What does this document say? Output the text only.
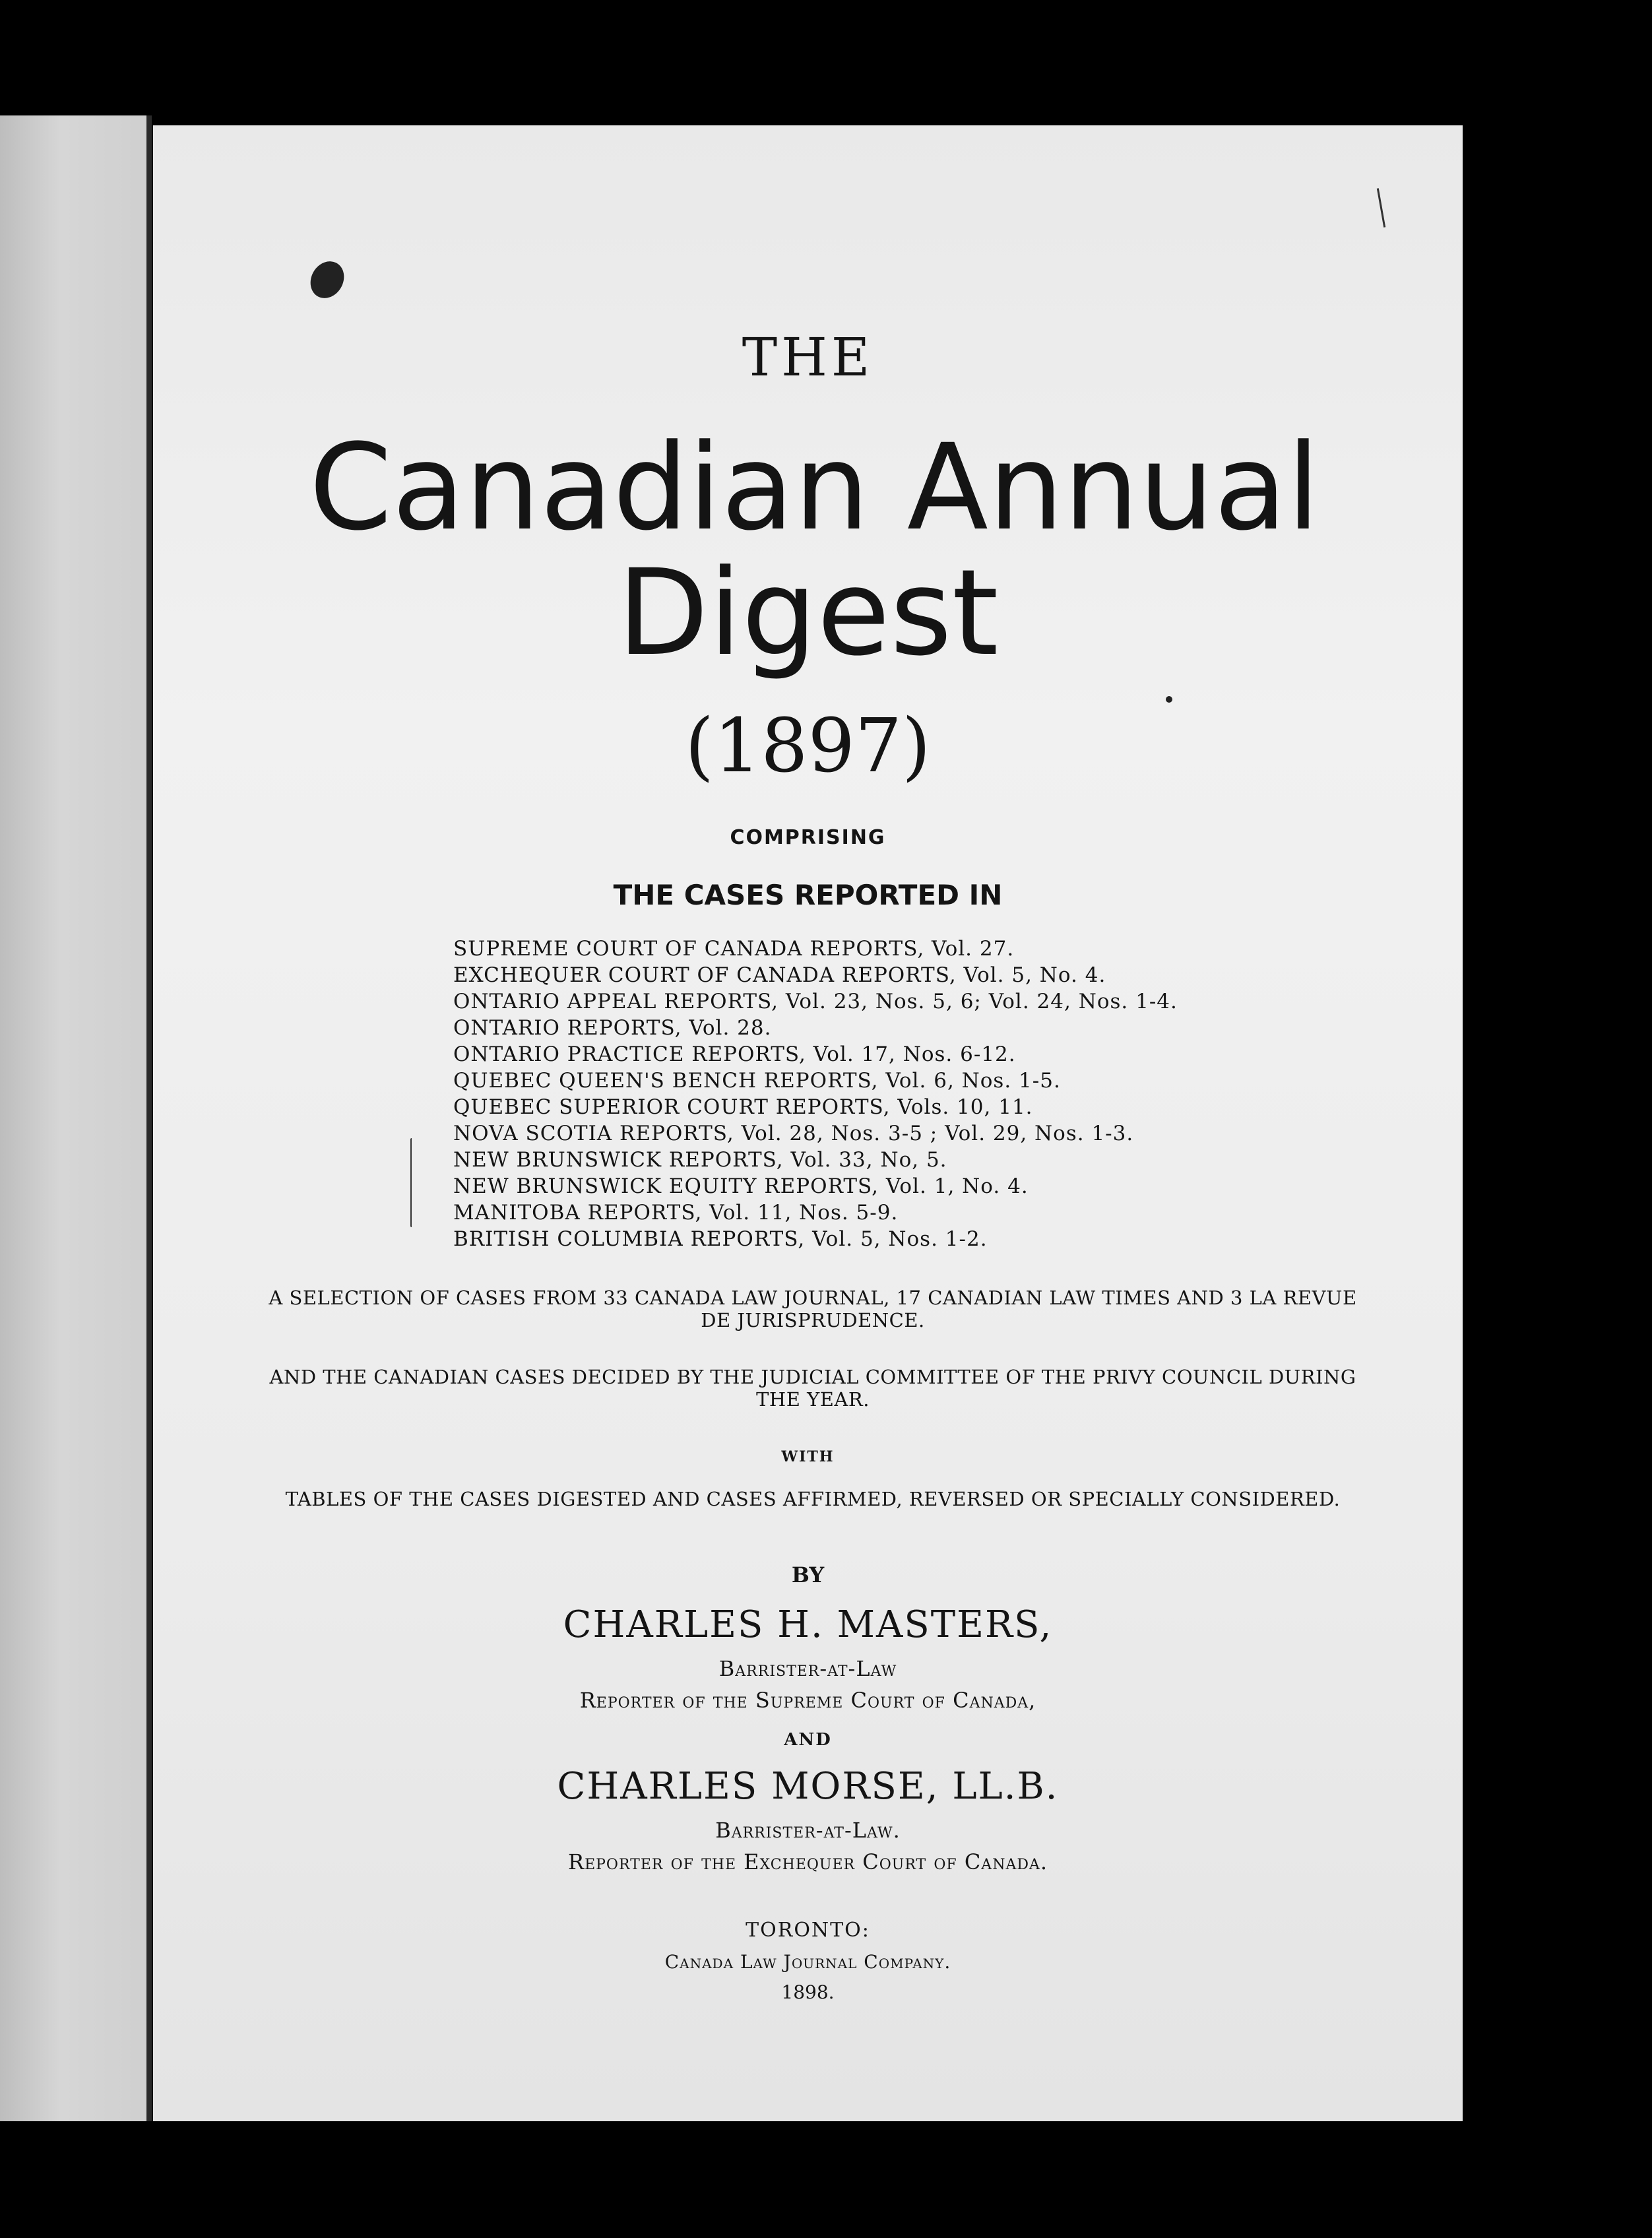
THE
Canadian Annual
Digest
(1897)
COMPRISING
THE CASES REPORTED IN
SUPREME COURT OF CANADA REPORTS, Vol. 27.
EXCHEQUER COURT OF CANADA REPORTS, Vol. 5, No. 4.
ONTARIO APPEAL REPORTS, Vol. 23, Nos. 5, 6; Vol. 24, Nos. 1-4.
ONTARIO REPORTS, Vol. 28.
ONTARIO PRACTICE REPORTS, Vol. 17, Nos. 6-12.
QUEBEC QUEEN'S BENCH REPORTS, Vol. 6, Nos. 1-5.
QUEBEC SUPERIOR COURT REPORTS, Vols. 10, 11.
NOVA SCOTIA REPORTS, Vol. 28, Nos. 3-5 ; Vol. 29, Nos. 1-3.
NEW BRUNSWICK REPORTS, Vol. 33, No, 5.
NEW BRUNSWICK EQUITY REPORTS, Vol. 1, No. 4.
MANITOBA REPORTS, Vol. 11, Nos. 5-9.
BRITISH COLUMBIA REPORTS, Vol. 5, Nos. 1-2.
A SELECTION OF CASES FROM 33 CANADA LAW JOURNAL, 17 CANADIAN LAW TIMES AND 3 LA REVUE DE JURISPRUDENCE.
AND THE CANADIAN CASES DECIDED BY THE JUDICIAL COMMITTEE OF THE PRIVY COUNCIL DURING THE YEAR.
WITH
TABLES OF THE CASES DIGESTED AND CASES AFFIRMED, REVERSED OR SPECIALLY CONSIDERED.
BY
CHARLES H. MASTERS,
Barrister-at-Law
Reporter of the Supreme Court of Canada,
AND
CHARLES MORSE, LL.B.
Barrister-at-Law.
Reporter of the Exchequer Court of Canada.
TORONTO:
Canada Law Journal Company.
1898.
